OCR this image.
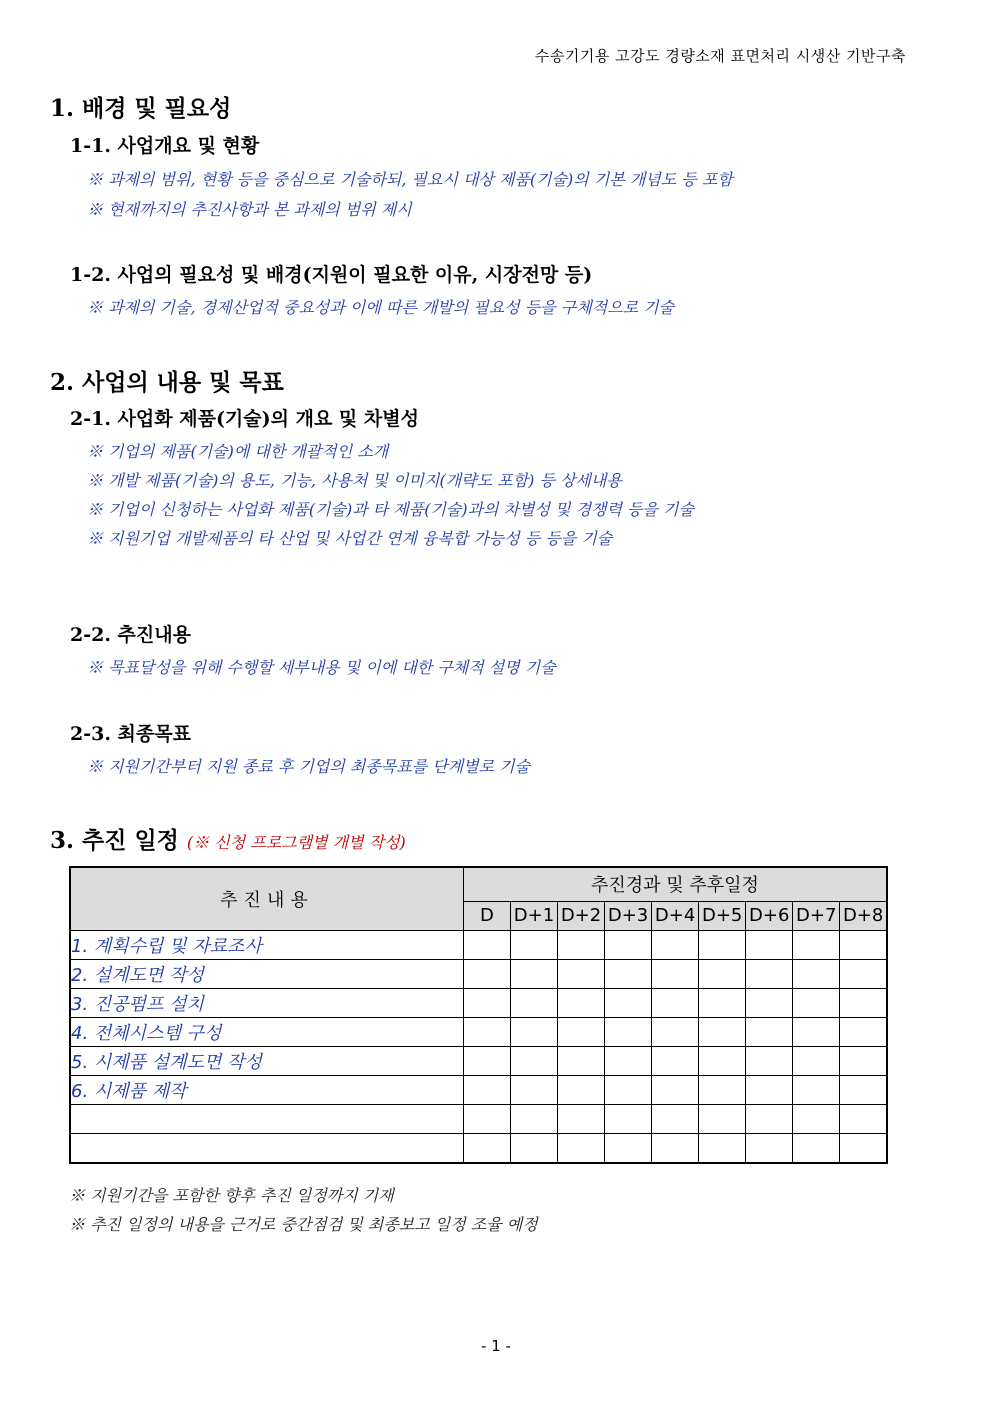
수송기기용 고강도 경량소재 표면처리 시생산 기반구축
1. 배경 및 필요성
1-1. 사업개요 및 현황
※ 과제의 범위, 현황 등을 중심으로 기술하되, 필요시 대상 제품(기술)의 기본 개념도 등 포함
※ 현재까지의 추진사항과 본 과제의 범위 제시
1-2. 사업의 필요성 및 배경(지원이 필요한 이유, 시장전망 등)
※ 과제의 기술, 경제산업적 중요성과 이에 따른 개발의 필요성 등을 구체적으로 기술
2. 사업의 내용 및 목표
2-1. 사업화 제품(기술)의 개요 및 차별성
※ 기업의 제품(기술)에 대한 개괄적인 소개
※ 개발 제품(기술)의 용도, 기능, 사용처 및 이미지(개략도 포함) 등 상세내용
※ 기업이 신청하는 사업화 제품(기술)과 타 제품(기술)과의 차별성 및 경쟁력 등을 기술
※ 지원기업 개발제품의 타 산업 및 사업간 연계 융복합 가능성 등 등을 기술
2-2. 추진내용
※ 목표달성을 위해 수행할 세부내용 및 이에 대한 구체적 설명 기술
2-3. 최종목표
※ 지원기간부터 지원 종료 후 기업의 최종목표를 단계별로 기술
3. 추진 일정 (※ 신청 프로그램별 개별 작성)
추진내용	추진경과 및 추후일정								
	D	D+1	D+2	D+3	D+4	D+5	D+6	D+7	D+8
1. 계획수립 및 자료조사									
2. 설계도면 작성									
3. 진공펌프 설치									
4. 전체시스템 구성									
5. 시제품 설계도면 작성									
6. 시제품 제작									

※ 지원기간을 포함한 향후 추진 일정까지 기재
※ 추진 일정의 내용을 근거로 중간점검 및 최종보고 일정 조율 예정
- 1 -
